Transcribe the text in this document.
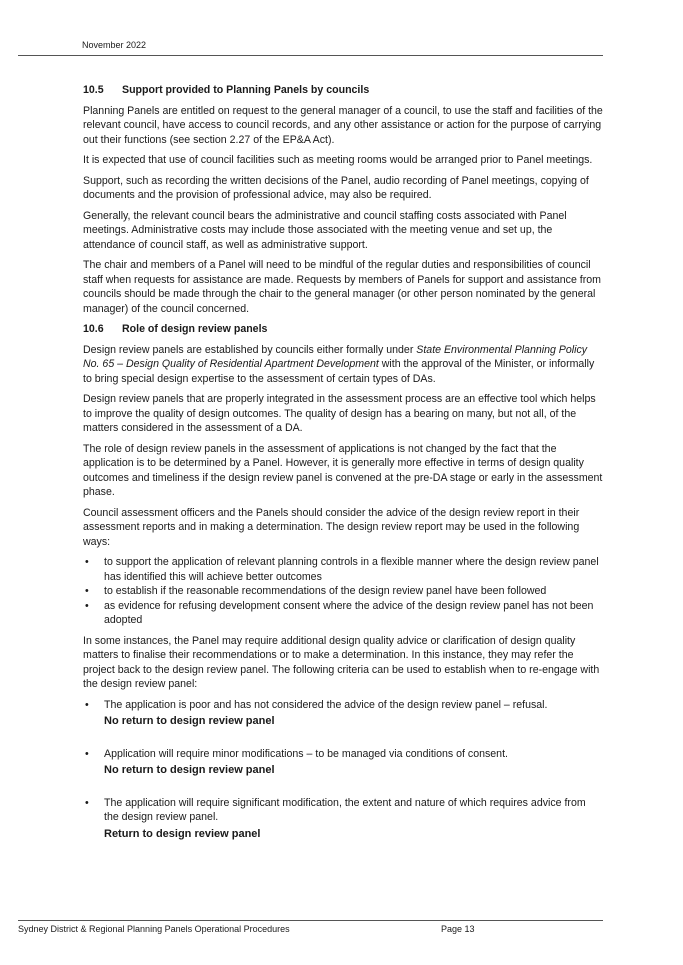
November 2022
10.5 Support provided to Planning Panels by councils

Planning Panels are entitled on request to the general manager of a council, to use the staff and facilities of the relevant council, have access to council records, and any other assistance or action for the purpose of carrying out their functions (see section 2.27 of the EP&A Act).

It is expected that use of council facilities such as meeting rooms would be arranged prior to Panel meetings.

Support, such as recording the written decisions of the Panel, audio recording of Panel meetings, copying of documents and the provision of professional advice, may also be required.

Generally, the relevant council bears the administrative and council staffing costs associated with Panel meetings. Administrative costs may include those associated with the meeting venue and set up, the attendance of council staff, as well as administrative support.

The chair and members of a Panel will need to be mindful of the regular duties and responsibilities of council staff when requests for assistance are made. Requests by members of Panels for support and assistance from councils should be made through the chair to the general manager (or other person nominated by the general manager) of the council concerned.

10.6 Role of design review panels

Design review panels are established by councils either formally under State Environmental Planning Policy No. 65 – Design Quality of Residential Apartment Development with the approval of the Minister, or informally to bring special design expertise to the assessment of certain types of DAs.

Design review panels that are properly integrated in the assessment process are an effective tool which helps to improve the quality of design outcomes. The quality of design has a bearing on many, but not all, of the matters considered in the assessment of a DA.

The role of design review panels in the assessment of applications is not changed by the fact that the application is to be determined by a Panel. However, it is generally more effective in terms of design quality outcomes and timeliness if the design review panel is convened at the pre-DA stage or early in the assessment phase.

Council assessment officers and the Panels should consider the advice of the design review report in their assessment reports and in making a determination. The design review report may be used in the following ways:

• to support the application of relevant planning controls in a flexible manner where the design review panel has identified this will achieve better outcomes
• to establish if the reasonable recommendations of the design review panel have been followed
• as evidence for refusing development consent where the advice of the design review panel has not been adopted

In some instances, the Panel may require additional design quality advice or clarification of design quality matters to finalise their recommendations or to make a determination. In this instance, they may refer the project back to the design review panel. The following criteria can be used to establish when to re-engage with the design review panel:

• The application is poor and has not considered the advice of the design review panel – refusal.
No return to design review panel
• Application will require minor modifications – to be managed via conditions of consent.
No return to design review panel
• The application will require significant modification, the extent and nature of which requires advice from the design review panel.
Return to design review panel
Sydney District & Regional Planning Panels Operational Procedures	Page 13
